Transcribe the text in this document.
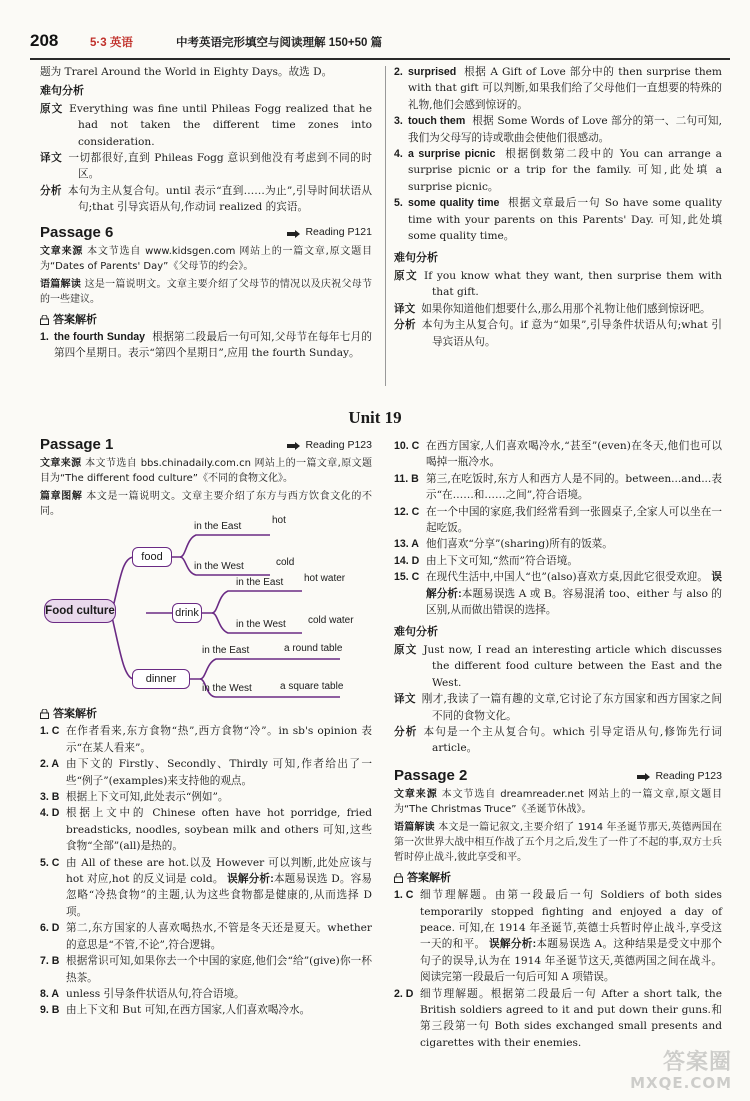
208	5·3 英语	中考英语完形填空与阅读理解 150+50 篇

题为 Trarel Around the World in Eighty Days。故选 D。

难句分析

原文 Everything was fine until Phileas Fogg realized that he had not taken the different time zones into consideration.

译文 一切都很好,直到 Phileas Fogg 意识到他没有考虑到不同的时区。

分析 本句为主从复合句。until 表示“直到……为止”,引导时间状语从句;that 引导宾语从句,作动词 realized 的宾语。

Passage 6	Reading P121

文章来源 本文节选自 www.kidsgen.com 网站上的一篇文章,原文题目为“Dates of Parents' Day”《父母节的约会》。

语篇解读 这是一篇说明文。文章主要介绍了父母节的情况以及庆祝父母节的一些建议。

答案解析

1. the fourth Sunday 根据第二段最后一句可知,父母节在每年七月的第四个星期日。表示“第四个星期日”,应用 the fourth Sunday。

2. surprised 根据 A Gift of Love 部分中的 then surprise them with that gift 可以判断,如果我们给了父母他们一直想要的特殊的礼物,他们会感到惊讶的。

3. touch them 根据 Some Words of Love 部分的第一、二句可知,我们为父母写的诗或歌曲会使他们很感动。

4. a surprise picnic 根据倒数第二段中的 You can arrange a surprise picnic or a trip for the family. 可知,此处填 a surprise picnic。

5. some quality time 根据文章最后一句 So have some quality time with your parents on this Parents' Day. 可知,此处填 some quality time。

难句分析

原文 If you know what they want, then surprise them with that gift.

译文 如果你知道他们想要什么,那么用那个礼物让他们感到惊讶吧。

分析 本句为主从复合句。if 意为“如果”,引导条件状语从句;what 引导宾语从句。

Unit 19
Passage 1	Reading P123

文章来源 本文节选自 bbs.chinadaily.com.cn 网站上的一篇文章,原文题目为“The different food culture”《不同的食物文化》。

篇章图解 本文是一篇说明文。文章主要介绍了东方与西方饮食文化的不同。

Food culture
food
drink
dinner
in the East
hot
in the West	cold
in the East hot water
in the West cold water
in the East	a round table
in the West	a square table
答案解析

1. C 在作者看来,东方食物“热”,西方食物“冷”。in sb's opinion 表示“在某人看来”。

2. A 由下文的 Firstly、Secondly、Thirdly 可知,作者给出了一些“例子”(examples)来支持他的观点。

3. B 根据上下文可知,此处表示“例如”。

4. D 根据上文中的 Chinese often have hot porridge, fried breadsticks, noodles, soybean milk and others 可知,这些食物“全部”(all)是热的。

5. C 由 All of these are hot.以及 However 可以判断,此处应该与 hot 对应,hot 的反义词是 cold。 误解分析:本题易误选 D。容易忽略“冷热食物”的主题,认为这些食物都是健康的,从而选择 D 项。

6. D 第二,东方国家的人喜欢喝热水,不管是冬天还是夏天。whether 的意思是“不管,不论”,符合逻辑。

7. B 根据常识可知,如果你去一个中国的家庭,他们会“给”(give)你一杯热茶。

8. A unless 引导条件状语从句,符合语境。

9. B 由上下文和 But 可知,在西方国家,人们喜欢喝冷水。

10. C 在西方国家,人们喜欢喝冷水,“甚至”(even)在冬天,他们也可以喝掉一瓶冷水。

11. B 第三,在吃饭时,东方人和西方人是不同的。between...and...表示“在……和……之间”,符合语境。

12. C 在一个中国的家庭,我们经常看到一张圆桌子,全家人可以坐在一起吃饭。

13. A 他们喜欢“分享”(sharing)所有的饭菜。

14. D 由上下文可知,“然而”符合语境。

15. C 在现代生活中,中国人“也”(also)喜欢方桌,因此它很受欢迎。 误解分析:本题易误选 A 或 B。容易混淆 too、either 与 also 的区别,从而做出错误的选择。

难句分析

原文 Just now, I read an interesting article which discusses the different food culture between the East and the West.

译文 刚才,我读了一篇有趣的文章,它讨论了东方国家和西方国家之间不同的食物文化。

分析 本句是一个主从复合句。which 引导定语从句,修饰先行词 article。

Passage 2	Reading P123

文章来源 本文节选自 dreamreader.net 网站上的一篇文章,原文题目为“The Christmas Truce”《圣诞节休战》。

语篇解读 本文是一篇记叙文,主要介绍了 1914 年圣诞节那天,英德两国在第一次世界大战中相互作战了五个月之后,发生了一件了不起的事,双方士兵暂时停止战斗,彼此享受和平。

答案解析

1. C 细节理解题。由第一段最后一句 Soldiers of both sides temporarily stopped fighting and enjoyed a day of peace. 可知,在 1914 年圣诞节,英德士兵暂时停止战斗,享受这一天的和平。 误解分析:本题易误选 A。这种结果是受文中那个句子的误导,认为在 1914 年圣诞节这天,英德两国之间在战斗。阅读完第一段最后一句后可知 A 项错误。

2. D 细节理解题。根据第二段最后一句 After a short talk, the British soldiers agreed to it and put down their guns.和第三段第一句 Both sides exchanged small presents and cigarettes with their enemies.

答案圈
MXQE.COM
